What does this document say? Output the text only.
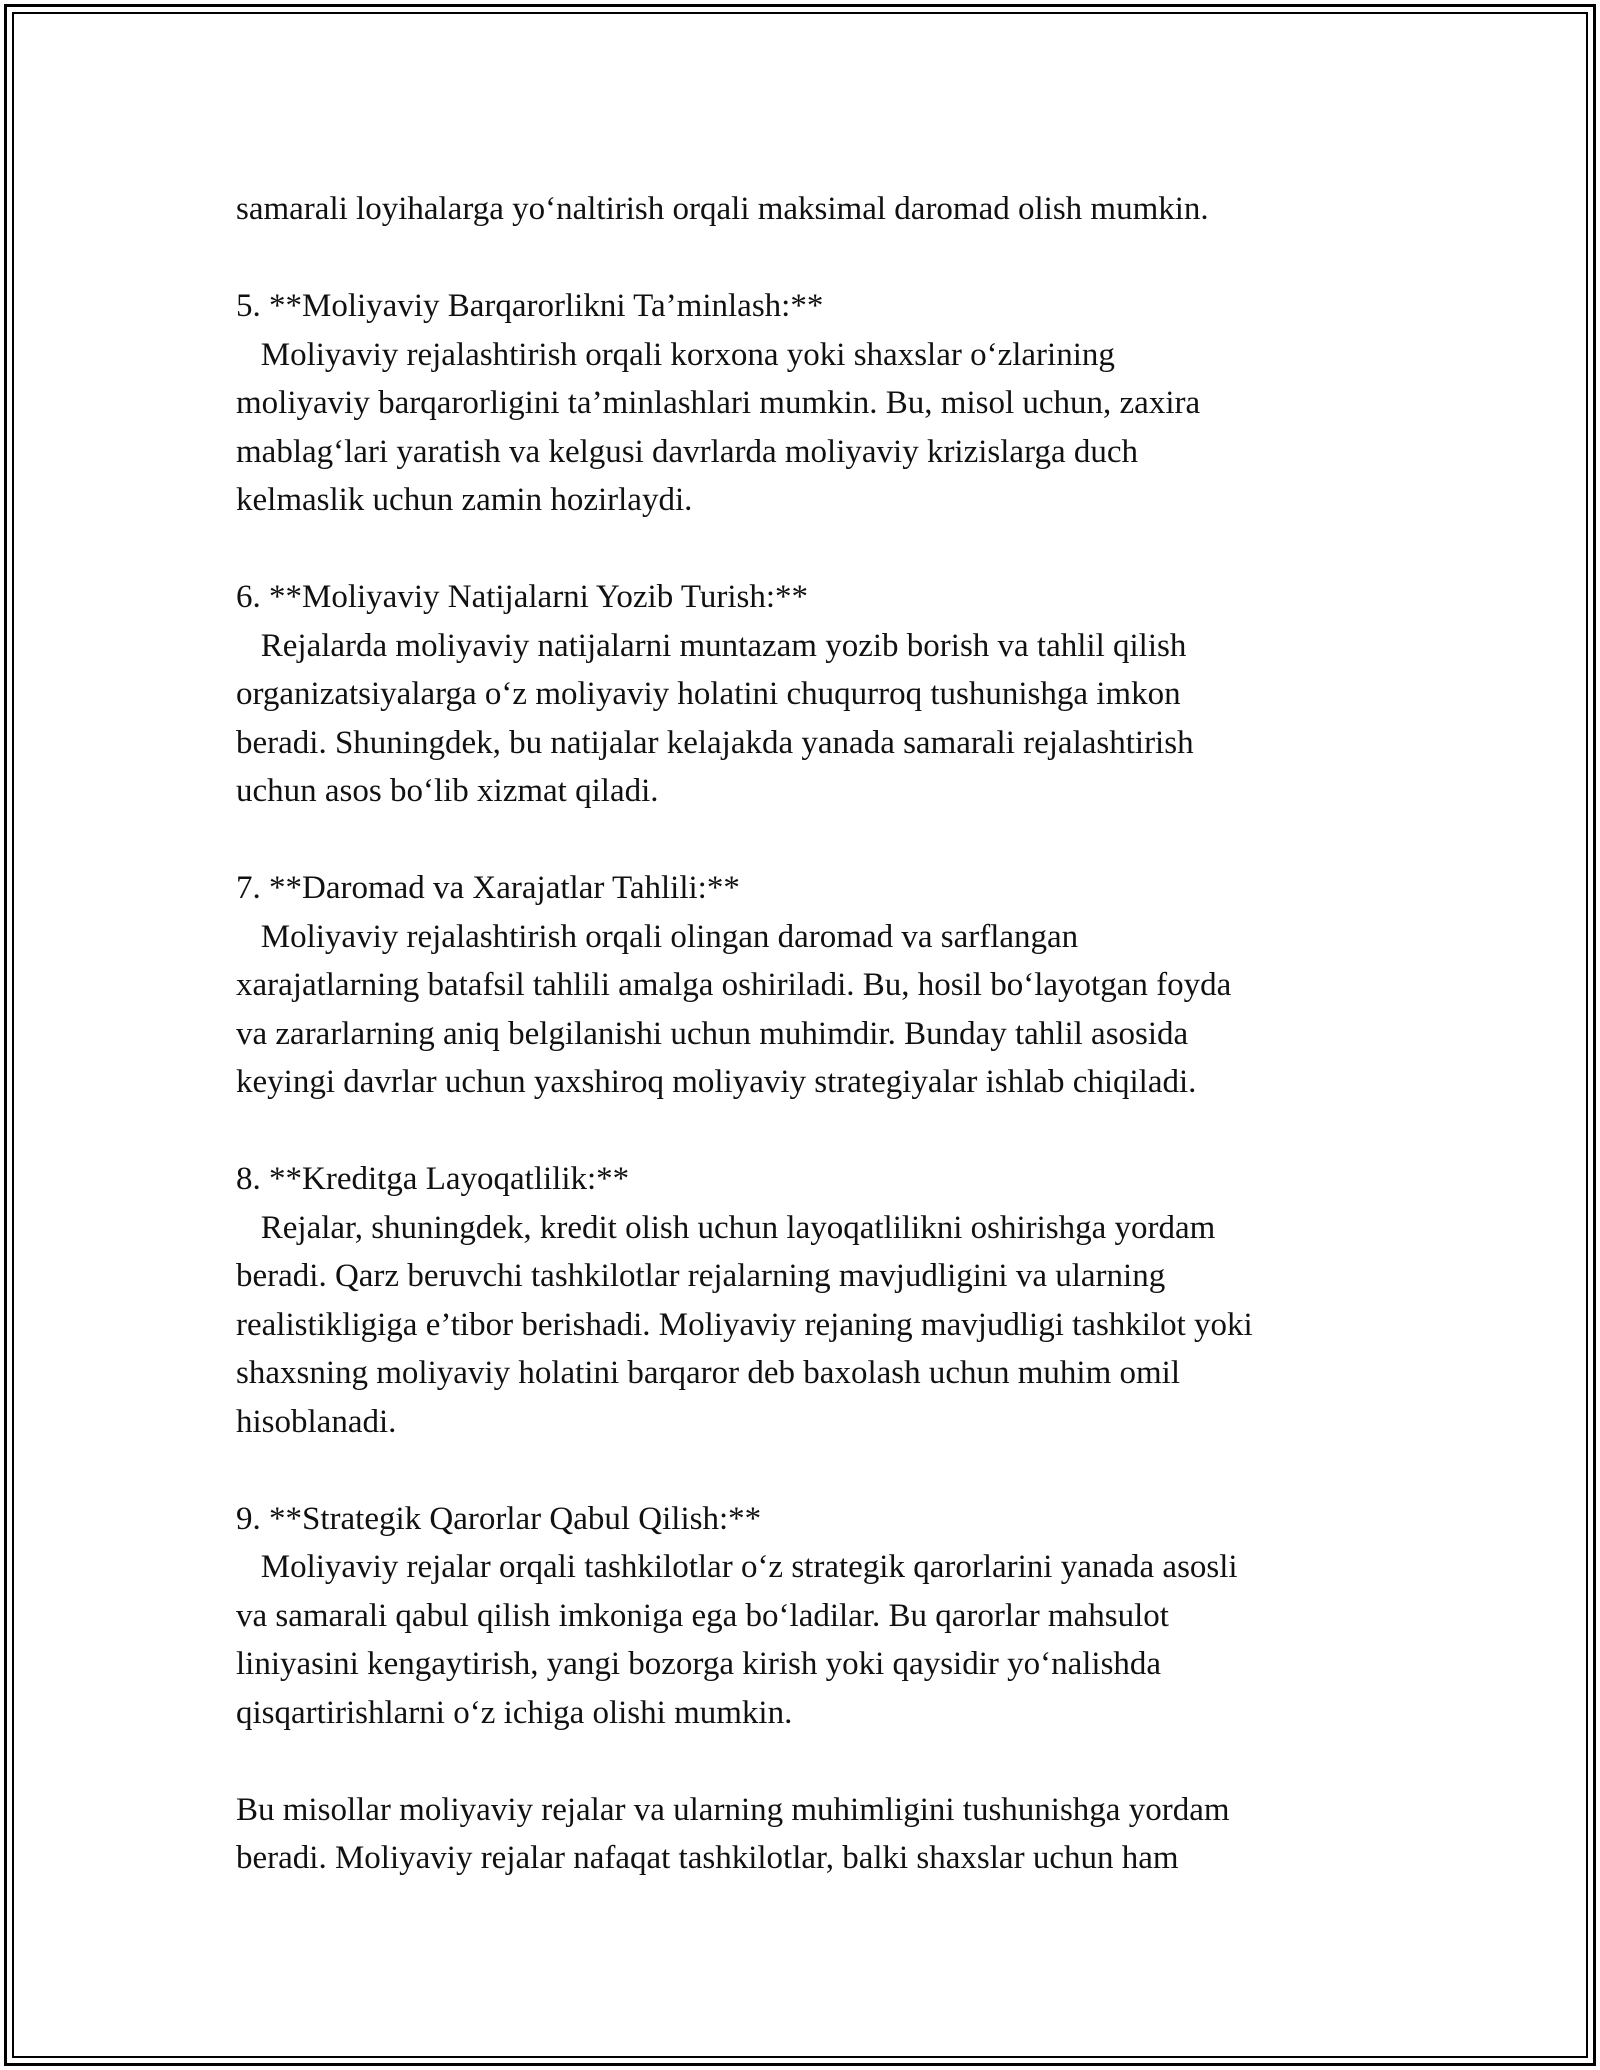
samarali loyihalarga yo‘naltirish orqali maksimal daromad olish mumkin.
5. **Moliyaviy Barqarorlikni Ta’minlash:**
Moliyaviy rejalashtirish orqali korxona yoki shaxslar o‘zlarining
moliyaviy barqarorligini ta’minlashlari mumkin. Bu, misol uchun, zaxira
mablag‘lari yaratish va kelgusi davrlarda moliyaviy krizislarga duch
kelmaslik uchun zamin hozirlaydi.
6. **Moliyaviy Natijalarni Yozib Turish:**
Rejalarda moliyaviy natijalarni muntazam yozib borish va tahlil qilish
organizatsiyalarga o‘z moliyaviy holatini chuqurroq tushunishga imkon
beradi. Shuningdek, bu natijalar kelajakda yanada samarali rejalashtirish
uchun asos bo‘lib xizmat qiladi.
7. **Daromad va Xarajatlar Tahlili:**
Moliyaviy rejalashtirish orqali olingan daromad va sarflangan
xarajatlarning batafsil tahlili amalga oshiriladi. Bu, hosil bo‘layotgan foyda
va zararlarning aniq belgilanishi uchun muhimdir. Bunday tahlil asosida
keyingi davrlar uchun yaxshiroq moliyaviy strategiyalar ishlab chiqiladi.
8. **Kreditga Layoqatlilik:**
Rejalar, shuningdek, kredit olish uchun layoqatlilikni oshirishga yordam
beradi. Qarz beruvchi tashkilotlar rejalarning mavjudligini va ularning
realistikligiga e’tibor berishadi. Moliyaviy rejaning mavjudligi tashkilot yoki
shaxsning moliyaviy holatini barqaror deb baxolash uchun muhim omil
hisoblanadi.
9. **Strategik Qarorlar Qabul Qilish:**
Moliyaviy rejalar orqali tashkilotlar o‘z strategik qarorlarini yanada asosli
va samarali qabul qilish imkoniga ega bo‘ladilar. Bu qarorlar mahsulot
liniyasini kengaytirish, yangi bozorga kirish yoki qaysidir yo‘nalishda
qisqartirishlarni o‘z ichiga olishi mumkin.
Bu misollar moliyaviy rejalar va ularning muhimligini tushunishga yordam
beradi. Moliyaviy rejalar nafaqat tashkilotlar, balki shaxslar uchun ham
